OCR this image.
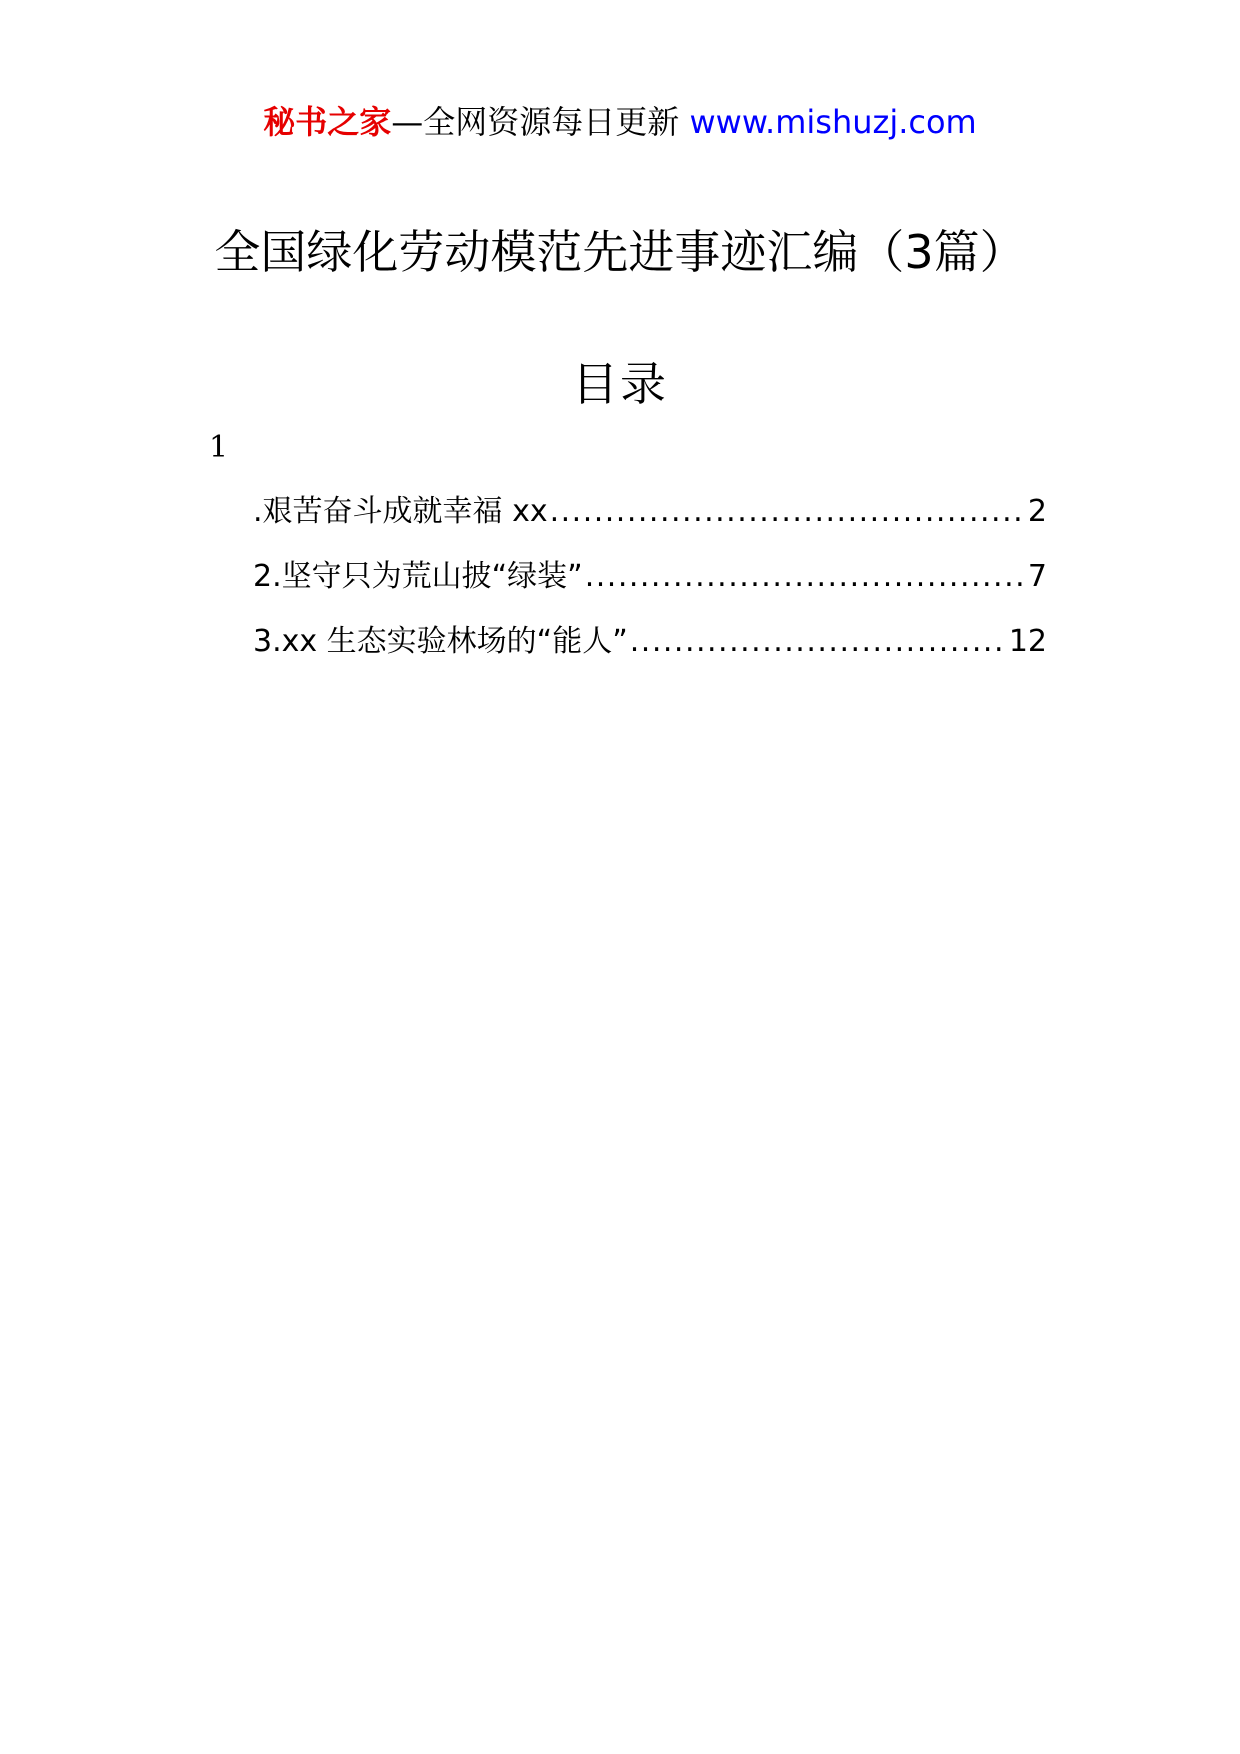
秘书之家—全网资源每日更新 www.mishuzj.com
全国绿化劳动模范先进事迹汇编（3篇）
目录
1
.艰苦奋斗成就幸福 xx .....	2
2.坚守只为荒山披“绿装” .....	7
3.xx 生态实验林场的“能人” .....	12
